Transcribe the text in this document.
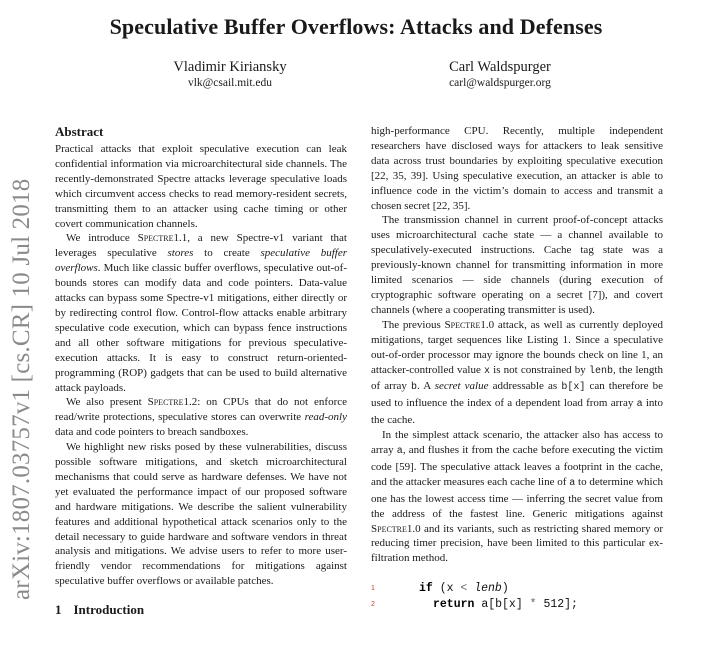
Speculative Buffer Overflows: Attacks and Defenses
Vladimir Kiriansky
vlk@csail.mit.edu
Carl Waldspurger
carl@waldspurger.org
arXiv:1807.03757v1 [cs.CR] 10 Jul 2018
Abstract

Practical attacks that exploit speculative execution can leak confidential information via microarchitectural side channels. The recently-demonstrated Spectre attacks leverage speculative loads which circumvent access checks to read memory-resident secrets, transmitting them to an attacker using cache timing or other covert communication channels.

We introduce Spectre1.1, a new Spectre-v1 variant that leverages speculative stores to create speculative buffer overflows. Much like classic buffer overflows, speculative out-of-bounds stores can modify data and code pointers. Data-value attacks can bypass some Spectre-v1 mitigations, either directly or by redirecting control flow. Control-flow attacks enable arbitrary speculative code execution, which can bypass fence instructions and all other software mitigations for previous speculative-execution attacks. It is easy to construct return-oriented-programming (ROP) gadgets that can be used to build alternative attack payloads.

We also present Spectre1.2: on CPUs that do not enforce read/write protections, speculative stores can overwrite read-only data and code pointers to breach sandboxes.

We highlight new risks posed by these vulnerabilities, discuss possible software mitigations, and sketch microarchitectural mechanisms that could serve as hardware defenses. We have not yet evaluated the performance impact of our proposed software and hardware mitigations. We describe the salient vulnerability features and additional hypothetical attack scenarios only to the detail necessary to guide hardware and software vendors in threat analysis and mitigations. We advise users to refer to more user-friendly vendor recommendations for mitigations against speculative buffer overflows or available patches.

1 Introduction

high-performance CPU. Recently, multiple independent researchers have disclosed ways for attackers to leak sensitive data across trust boundaries by exploiting speculative execution [22, 35, 39]. Using speculative execution, an attacker is able to influence code in the victim’s domain to access and transmit a chosen secret [22, 35].

The transmission channel in current proof-of-concept attacks uses microarchitectural cache state — a channel available to speculatively-executed instructions. Cache tag state was a previously-known channel for transmitting information in more limited scenarios — side channels (during execution of cryptographic software operating on a secret [7]), and covert channels (where a cooperating transmitter is used).

The previous Spectre1.0 attack, as well as currently deployed mitigations, target sequences like Listing 1. Since a speculative out-of-order processor may ignore the bounds check on line 1, an attacker-controlled value x is not constrained by lenb, the length of array b. A secret value addressable as b[x] can therefore be used to influence the index of a dependent load from array a into the cache.

In the simplest attack scenario, the attacker also has access to array a, and flushes it from the cache before executing the victim code [59]. The speculative attack leaves a footprint in the cache, and the attacker measures each cache line of a to determine which one has the lowest access time — inferring the secret value from the address of the fastest line. Generic mitigations against Spectre1.0 and its variants, such as restricting shared memory or reducing timer precision, have been limited to this particular ex-filtration method.

1

	if (x < lenb)

2

	return a[b[x] * 512];
